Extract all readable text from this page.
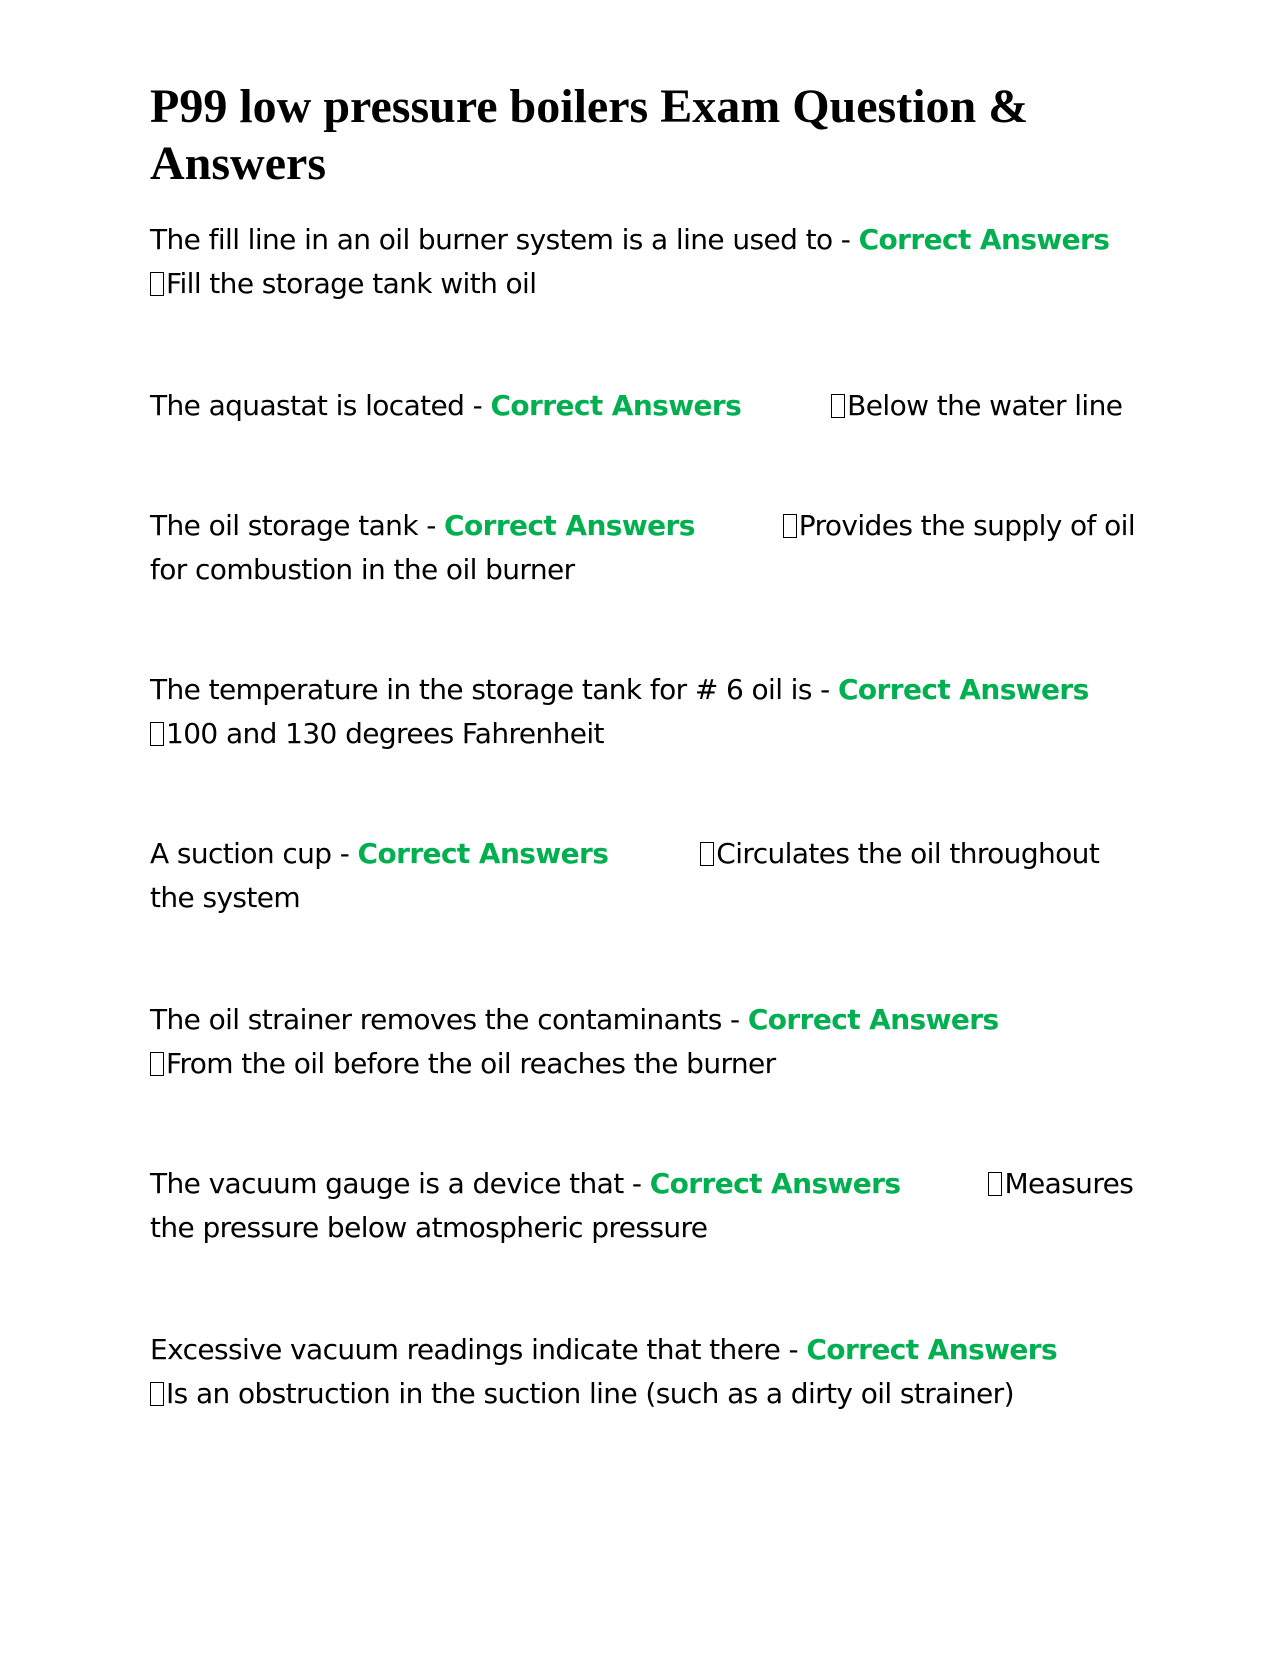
P99 low pressure boilers Exam Question & Answers

The fill line in an oil burner system is a line used to - Correct Answers
Fill the storage tank with oil

The aquastat is located - Correct Answers	Below the water line

The oil storage tank - Correct Answers	Provides the supply of oil for combustion in the oil burner

The temperature in the storage tank for # 6 oil is - Correct Answers
100 and 130 degrees Fahrenheit

A suction cup - Correct Answers	Circulates the oil throughout the system

The oil strainer removes the contaminants - Correct Answers
From the oil before the oil reaches the burner

The vacuum gauge is a device that - Correct Answers	Measures the pressure below atmospheric pressure

Excessive vacuum readings indicate that there - Correct Answers
Is an obstruction in the suction line (such as a dirty oil strainer)
